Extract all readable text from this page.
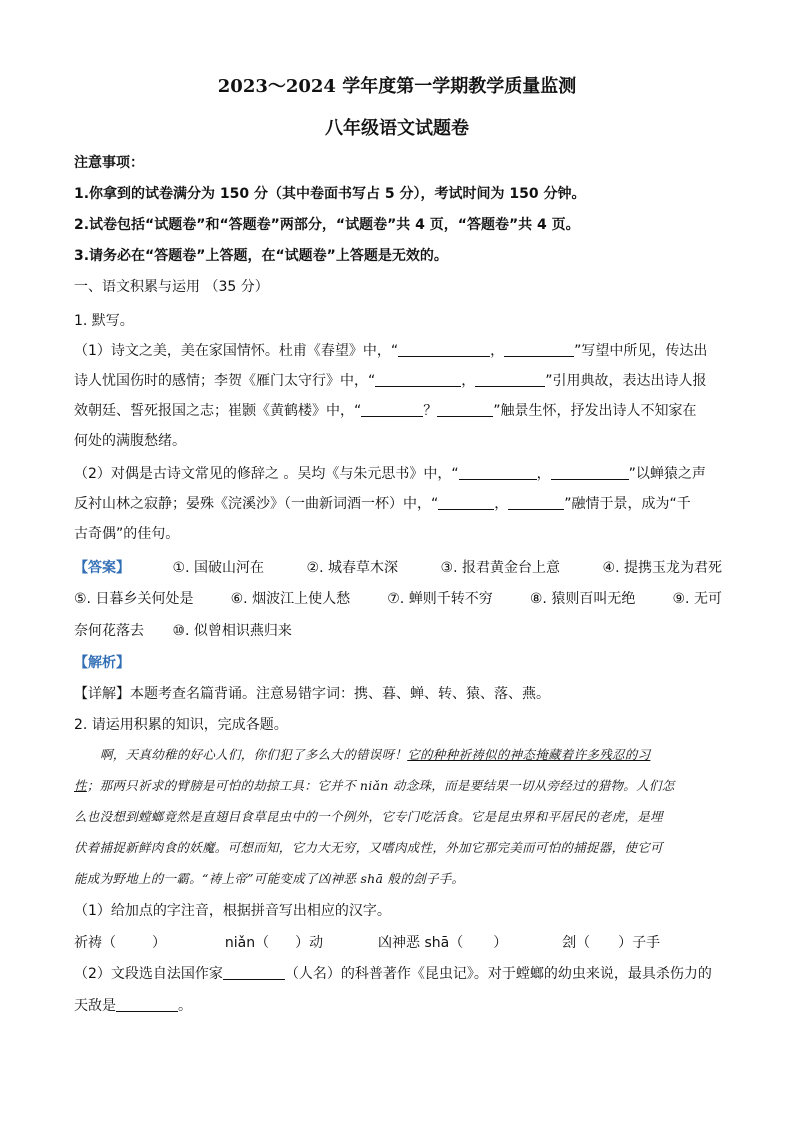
2023～2024 学年度第一学期教学质量监测
八年级语文试题卷
注意事项：
1.你拿到的试卷满分为 150 分（其中卷面书写占 5 分），考试时间为 150 分钟。
2.试卷包括“试题卷”和“答题卷”两部分，“试题卷”共 4 页，“答题卷”共 4 页。
3.请务必在“答题卷”上答题，在“试题卷”上答题是无效的。
一、语文积累与运用 （35 分）
1. 默写。
（1）诗文之美，美在家国情怀。杜甫《春望》中，“	，	”写望中所见，传达出
诗人忧国伤时的感情；李贺《雁门太守行》中，“	，	”引用典故，表达出诗人报
效朝廷、誓死报国之志；崔颢《黄鹤楼》中，“	？	”触景生怀，抒发出诗人不知家在
何处的满腹愁绪。
（2）对偶是古诗文常见的修辞之 。吴均《与朱元思书》中，“	，	”以蝉猿之声
反衬山林之寂静；晏殊《浣溪沙》（一曲新词酒一杯）中，“	，	”融情于景，成为“千
古奇偶”的佳句。
【答案】	①. 国破山河在	②. 城春草木深	③. 报君黄金台上意	④. 提携玉龙为君死
⑤. 日暮乡关何处是	⑥. 烟波江上使人愁	⑦. 蝉则千转不穷	⑧. 猿则百叫无绝	⑨. 无可
奈何花落去 ⑩. 似曾相识燕归来
【解析】
【详解】本题考查名篇背诵。注意易错字词：携、暮、蝉、转、猿、落、燕。
2. 请运用积累的知识，完成各题。
啊，天真幼稚的好心人们，你们犯了多么大的错误呀！它的种种祈祷似的神态掩藏着许多残忍的习
性；那两只祈求的臂膀是可怕的劫掠工具：它并不 niǎn 动念珠，而是要结果一切从旁经过的猎物。人们怎
么也没想到螳螂竟然是直翅目食草昆虫中的一个例外，它专门吃活食。它是昆虫界和平居民的老虎，是埋
伏着捕捉新鲜肉食的妖魔。可想而知，它力大无穷，又嗜肉成性，外加它那完美而可怕的捕捉器，使它可
能成为野地上的一霸。“祷上帝”可能变成了凶神恶 shā 般的刽子手。
（1）给加点的字注音，根据拼音写出相应的汉字。
祈祷（	）	niǎn（ ）动	凶神恶 shā（ ）	刽（ ）子手
（2）文段选自法国作家	（人名）的科普著作《昆虫记》。对于螳螂的幼虫来说，最具杀伤力的
天敌是	。
